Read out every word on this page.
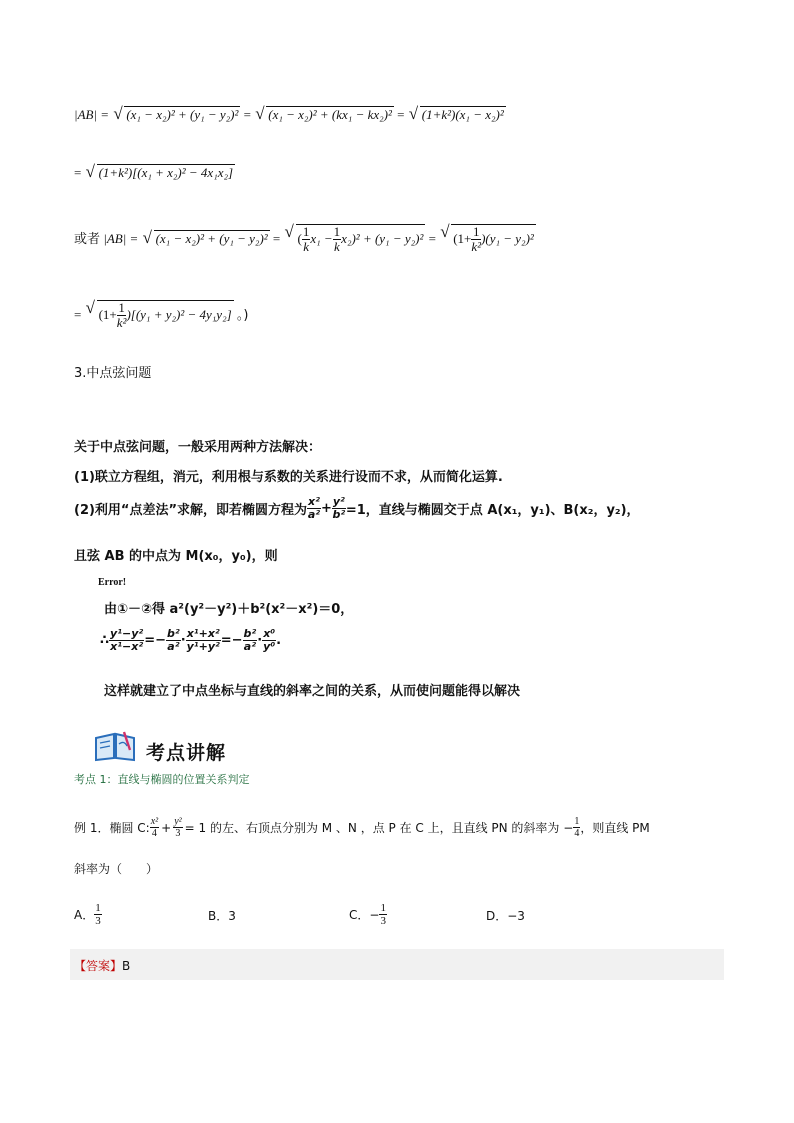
|AB| = √ (x₁ − x₂)² + (y₁ − y₂)² = √ (x₁ − x₂)² + (kx₁ − kx₂)² = √ (1+k²)(x₁ − x₂)²
= √ (1+k²)[(x₁ + x₂)² − 4x₁x₂]
或者 |AB| = √ (x₁ − x₂)² + (y₁ − y₂)² = √ ( $\frac{1}{k} x_1 - \frac{1}{k} x_2)^2 + (y_1 - y_2)^2$ = √ $(1+ \frac{1}{\text{k²}} )(y_1 - y_2)^2$
= √ $(1+ \frac{1}{\text{k²}} )[(y_1 + y_2)^2 - 4y_1y_2]$ 。)
3.中点弦问题
关于中点弦问题，一般采用两种方法解决：
(1)联立方程组，消元，利用根与系数的关系进行设而不求，从而简化运算.
(2)利用“点差法”求解，即若椭圆方程为 $\frac{\text{x²}}{\text{a²}} + \frac{\text{y²}}{\text{b²}} =1$，直线与椭圆交于点 A(x₁，y₁)、B(x₂，y₂)，
且弦 AB 的中点为 M(x₀，y₀)，则
Error!
由①－②得 a²(y²－y²)＋b²(x²－x²)＝0，
∴ $\frac{\text{y¹−y²}}{\text{x¹−x²}} =- \frac{\text{b²}}{\text{a²}} \cdot \frac{\text{x¹+x²}}{\text{y¹+y²}} =- \frac{\text{b²}}{\text{a²}} \cdot \frac{\text{x⁰}}{\text{y⁰}}$ .
这样就建立了中点坐标与直线的斜率之间的关系，从而使问题能得以解决
考点讲解
考点 1：直线与椭圆的位置关系判定
例 1．椭圆 C: $\frac{\text{x²}}{4} + \frac{\text{y²}}{3} = 1$ 的左、右顶点分别为 M 、N ，点 P 在 C 上，且直线 PN 的斜率为 − $\frac{1}{4}$ ，则直线 PM
斜率为（　　）
A． $\frac{1}{3}$	B．3	C．− $\frac{1}{3}$	D．−3
【答案】B
